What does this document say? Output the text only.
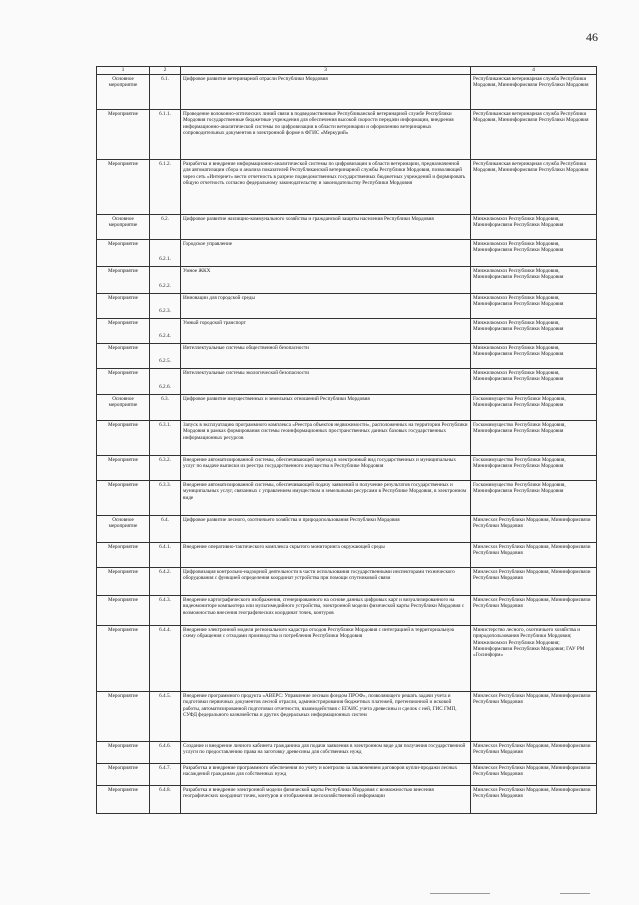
46
1	2	3	4
Основное мероприятие	6.1.	Цифровое развитие ветеринарной отрасли Республики Мордовия	Республиканская ветеринарная служба Республики Мордовия, Мининформсвязи Республики Мордовия
Мероприятие	6.1.1.	Проведение волоконно-оптических линий связи в подведомственные Республиканской ветеринарной службе Республики Мордовия государственные бюджетные учреждения для обеспечения высокой скорости передачи информации, внедрения информационно-аналитической системы по цифровизации в области ветеринарии и оформлению ветеринарных сопроводительных документов в электронной форме в ФГИС «Меркурий»	Республиканская ветеринарная служба Республики Мордовия, Мининформсвязи Республики Мордовия
Мероприятие	6.1.2.	Разработка и внедрение информационно-аналитической системы по цифровизации в области ветеринарии, предназначенной для автоматизации сбора и анализа показателей Республиканской ветеринарной службы Республики Мордовия, позволяющей через сеть «Интернет» вести отчетность в разрезе подведомственных государственных бюджетных учреждений и формировать общую отчетность согласно федеральному законодательству и законодательству Республики Мордовия	Республиканская ветеринарная служба Республики Мордовия, Мининформсвязи Республики Мордовия
Основное мероприятие	6.2.	Цифровое развитие жилищно-коммунального хозяйства и гражданской защиты населения Республики Мордовия	Минжилкомхоз Республики Мордовия, Мининформсвязи Республики Мордовия
Мероприятие	6.2.1.	Городское управление	Минжилкомхоз Республики Мордовия, Мининформсвязи Республики Мордовия
Мероприятие	6.2.2.	Умное ЖКХ	Минжилкомхоз Республики Мордовия, Мининформсвязи Республики Мордовия
Мероприятие	6.2.3.	Инновации для городской среды	Минжилкомхоз Республики Мордовия, Мининформсвязи Республики Мордовия
Мероприятие	6.2.4.	Умный городской транспорт	Минжилкомхоз Республики Мордовия, Мининформсвязи Республики Мордовия
Мероприятие	6.2.5.	Интеллектуальные системы общественной безопасности	Минжилкомхоз Республики Мордовия, Мининформсвязи Республики Мордовия
Мероприятие	6.2.6.	Интеллектуальные системы экологической безопасности	Минжилкомхоз Республики Мордовия, Мининформсвязи Республики Мордовия
Основное мероприятие	6.3.	Цифровое развитие имущественных и земельных отношений Республики Мордовия	Госкомимущество Республики Мордовия, Мининформсвязи Республики Мордовия
Мероприятие	6.3.1.	Запуск в эксплуатацию программного комплекса «Реестра объектов недвижимости», расположенных на территории Республики Мордовия в рамках формирования системы геоинформационных пространственных данных базовых государственных информационных ресурсов	Госкомимущество Республики Мордовия, Мининформсвязи Республики Мордовия
Мероприятие	6.3.2.	Внедрение автоматизированной системы, обеспечивающей переход в электронный вид государственных и муниципальных услуг по выдаче выписки из реестра государственного имущества в Республике Мордовия	Госкомимущество Республики Мордовия, Мининформсвязи Республики Мордовия
Мероприятие	6.3.3.	Внедрение автоматизированной системы, обеспечивающей подачу заявлений и получение результатов государственных и муниципальных услуг, связанных с управлением имуществом и земельными ресурсами в Республике Мордовия, в электронном виде	Госкомимущество Республики Мордовия, Мининформсвязи Республики Мордовия
Основное мероприятие	6.4.	Цифровое развитие лесного, охотничьего хозяйства и природопользования Республики Мордовия	Минлесхоз Республики Мордовия, Мининформсвязи Республики Мордовия
Мероприятие	6.4.1.	Внедрение оперативно-тактического комплекса скрытого мониторинга окружающей среды	Минлесхоз Республики Мордовия, Мининформсвязи Республики Мордовия
Мероприятие	6.4.2.	Цифровизация контрольно-надзорной деятельности в части использования государственными инспекторами технического оборудования с функцией определения координат устройства при помощи спутниковой связи	Минлесхоз Республики Мордовия, Мининформсвязи Республики Мордовия
Мероприятие	6.4.3.	Внедрение картографического изображения, сгенерированного на основе данных цифровых карт и визуализированного на видеомониторе компьютера или мультимедийного устройства, электронной модели физической карты Республики Мордовия с возможностью внесения географических координат точек, контуров	Минлесхоз Республики Мордовия, Мининформсвязи Республики Мордовия
Мероприятие	6.4.4.	Внедрение электронной модели регионального кадастра отходов Республики Мордовия с интеграцией в территориальную схему обращения с отходами производства и потребления Республики Мордовия	Министерство лесного, охотничьего хозяйства и природопользования Республики Мордовия; Минжилкомхоз Республики Мордовия; Мининформсвязи Республики Мордовия; ГАУ РМ «Госинформ»
Мероприятие	6.4.5.	Внедрение программного продукта «АВЕРС: Управление лесным фондом ПРОФ», позволяющего решать задачи учета и подготовки первичных документов лесной отрасли, администрирования бюджетных платежей, претензионной и исковой работы, автоматизированной подготовки отчетности, взаимодействия с ЕГАИС учета древесины и сделок с ней, ГИС ГМП, СУФД федерального казначейства и других федеральных информационных систем	Минлесхоз Республики Мордовия, Мининформсвязи Республики Мордовия
Мероприятие	6.4.6.	Создание и внедрение личного кабинета гражданина для подачи заявления в электронном виде для получения государственной услуги по предоставлению права на заготовку древесины для собственных нужд	Минлесхоз Республики Мордовия, Мининформсвязи Республики Мордовия
Мероприятие	6.4.7.	Разработка и внедрение программного обеспечения по учету и контролю за заключением договоров купли-продажи лесных насаждений гражданам для собственных нужд	Минлесхоз Республики Мордовия, Мининформсвязи Республики Мордовия
Мероприятие	6.4.8.	Разработка и внедрение электронной модели физической карты Республики Мордовия с возможностью внесения географических координат точек, контуров и отображения лесохозяйственной информации	Минлесхоз Республики Мордовия, Мининформсвязи Республики Мордовия
